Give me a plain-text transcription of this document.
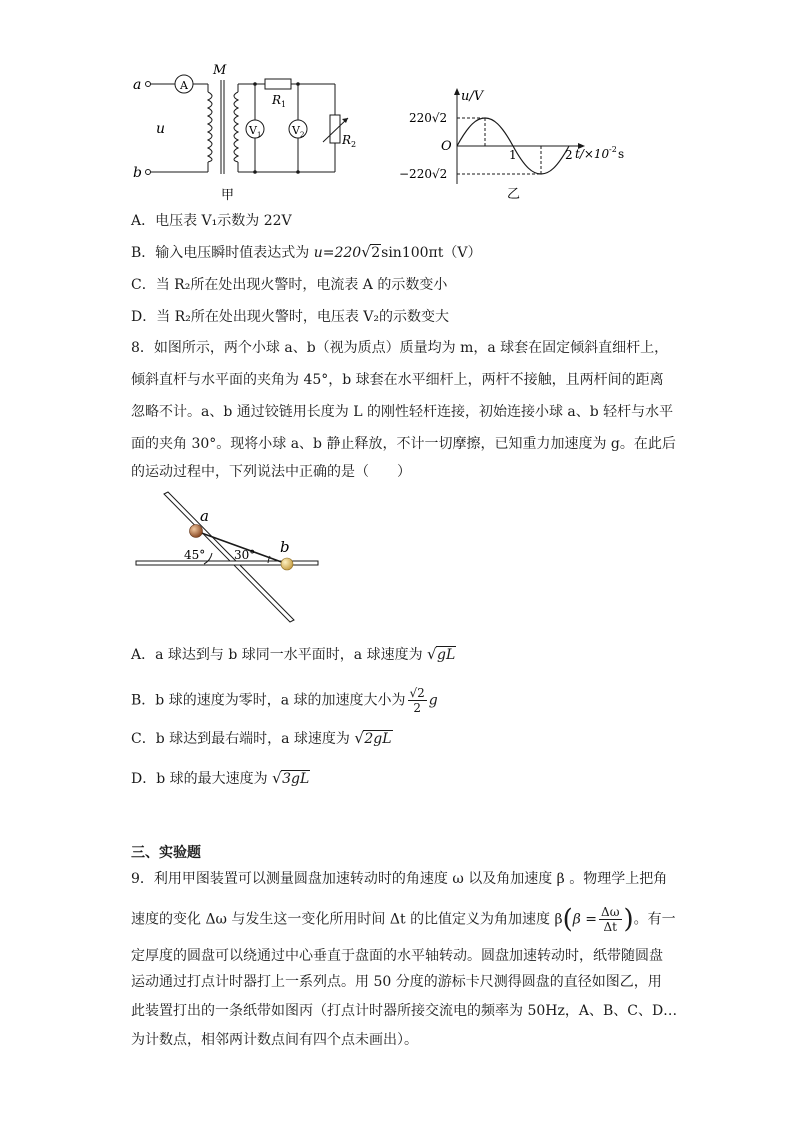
a
b
u
M
A
V 1	V 2
R 1
R 2
甲
u/V
220√2
−220√2
O
1	2 t/×10 -2 s
乙
A．电压表 V₁示数为 22V
B．输入电压瞬时值表达式为 u=220√ 2sin100πt（V）
C．当 R₂所在处出现火警时，电流表 A 的示数变小
D．当 R₂所在处出现火警时，电压表 V₂的示数变大
8．如图所示，两个小球 a、b（视为质点）质量均为 m，a 球套在固定倾斜直细杆上，
倾斜直杆与水平面的夹角为 45°，b 球套在水平细杆上，两杆不接触，且两杆间的距离
忽略不计。a、b 通过铰链用长度为 L 的刚性轻杆连接，初始连接小球 a、b 轻杆与水平
面的夹角 30°。现将小球 a、b 静止释放，不计一切摩擦，已知重力加速度为 g。在此后
的运动过程中，下列说法中正确的是（　　）
a
b
45° 30°
A．a 球达到与 b 球同一水平面时，a 球速度为 √ gL
B．b 球的速度为零时，a 球的加速度大小为 $\frac{√2}{2}$ g
C．b 球达到最右端时，a 球速度为 √ 2gL
D．b 球的最大速度为 √ 3gL
三、实验题
9．利用甲图装置可以测量圆盘加速转动时的角速度 ω 以及角加速度 β 。物理学上把角
速度的变化 Δω 与发生这一变化所用时间 Δt 的比值定义为角加速度 $\beta(\beta = \frac{\Delta\omega}{\Delta t}$ )。有一
定厚度的圆盘可以绕通过中心垂直于盘面的水平轴转动。圆盘加速转动时，纸带随圆盘
运动通过打点计时器打上一系列点。用 50 分度的游标卡尺测得圆盘的直径如图乙，用
此装置打出的一条纸带如图丙（打点计时器所接交流电的频率为 50Hz，A、B、C、D…
为计数点，相邻两计数点间有四个点未画出）。
